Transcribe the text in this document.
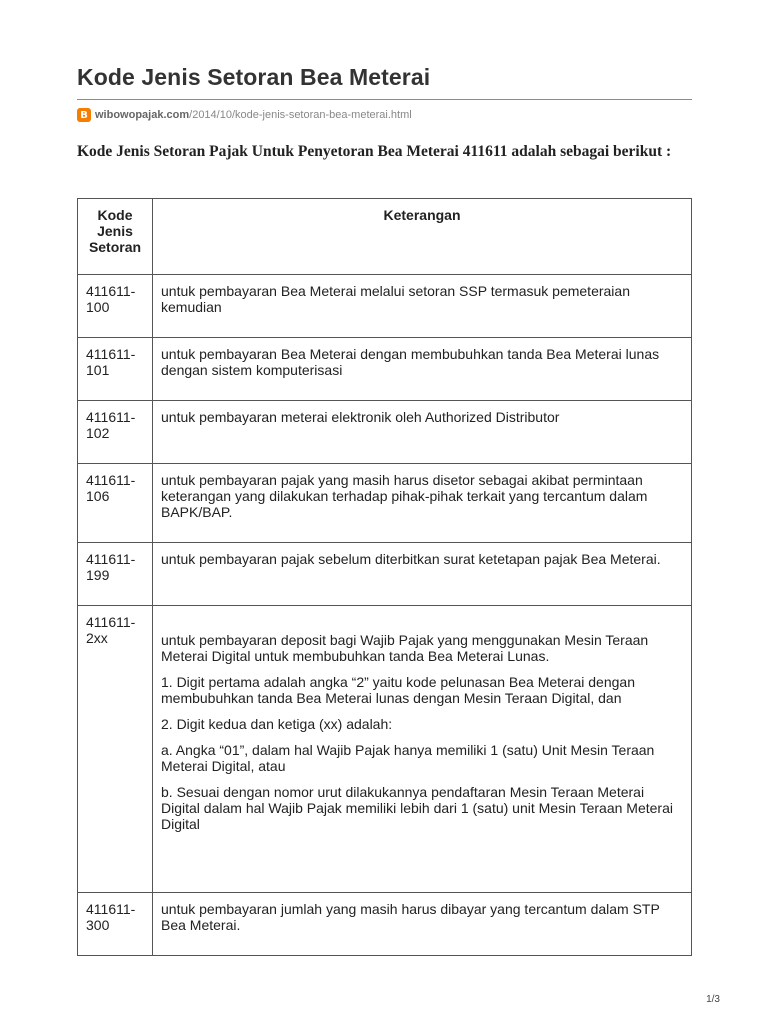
Kode Jenis Setoran Bea Meterai
B wibowopajak.com /2014/10/kode-jenis-setoran-bea-meterai.html

Kode Jenis Setoran Pajak Untuk Penyetoran Bea Meterai 411611 adalah sebagai berikut :

Kode Jenis Setoran	Keterangan
411611-100	untuk pembayaran Bea Meterai melalui setoran SSP termasuk pemeteraian kemudian

411611-101	untuk pembayaran Bea Meterai dengan membubuhkan tanda Bea Meterai lunas dengan sistem komputerisasi

411611-102	untuk pembayaran meterai elektronik oleh Authorized Distributor

411611-106	untuk pembayaran pajak yang masih harus disetor sebagai akibat permintaan keterangan yang dilakukan terhadap pihak-pihak terkait yang tercantum dalam BAPK/BAP.

411611-199	untuk pembayaran pajak sebelum diterbitkan surat ketetapan pajak Bea Meterai.

411611-2xx	untuk pembayaran deposit bagi Wajib Pajak yang menggunakan Mesin Teraan Meterai Digital untuk membubuhkan tanda Bea Meterai Lunas.

1. Digit pertama adalah angka “2” yaitu kode pelunasan Bea Meterai dengan membubuhkan tanda Bea Meterai lunas dengan Mesin Teraan Digital, dan

2. Digit kedua dan ketiga (xx) adalah:

a. Angka “01”, dalam hal Wajib Pajak hanya memiliki 1 (satu) Unit Mesin Teraan Meterai Digital, atau

b. Sesuai dengan nomor urut dilakukannya pendaftaran Mesin Teraan Meterai Digital dalam hal Wajib Pajak memiliki lebih dari 1 (satu) unit Mesin Teraan Meterai Digital

411611-300	untuk pembayaran jumlah yang masih harus dibayar yang tercantum dalam STP Bea Meterai.

1/3
